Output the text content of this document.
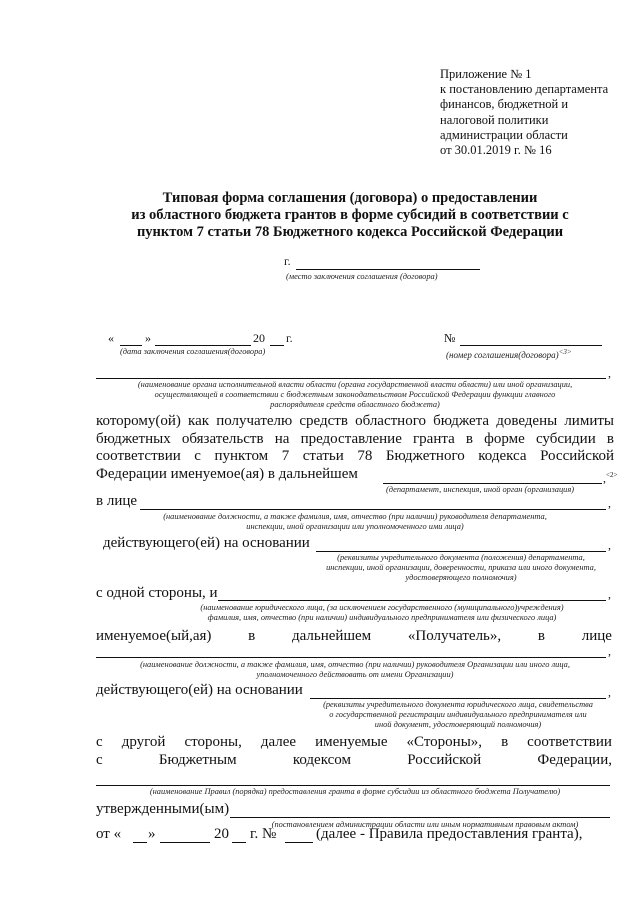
Приложение № 1
к постановлению департамента
финансов, бюджетной и
налоговой политики
администрации области
от 30.01.2019 г. № 16
Типовая форма соглашения (договора) о предоставлении
из областного бюджета грантов в форме субсидий в соответствии с
пунктом 7 статьи 78 Бюджетного кодекса Российской Федерации
г.
(место заключения соглашения (договора)
«	»	20 г.
(дата заключения соглашения(договора)
№
(номер соглашения(договора)$^{<3>}$
,
(наименование органа исполнительной власти области (органа государственной власти области) или иной организации,
осуществляющей в соответствии с бюджетным законодательством Российской Федерации функции главного
распорядителя средств областного бюджета)
которому(ой) как получателю средств областного бюджета доведены лимиты
бюджетных обязательств на предоставление гранта в форме субсидии в
соответствии с пунктом 7 статьи 78 Бюджетного кодекса Российской
Федерации именуемое(ая) в дальнейшем	,$^{<2>}$
(департамент, инспекция, иной орган (организация)
в лице	,
(наименование должности, а также фамилия, имя, отчество (при наличии) руководителя департамента,
инспекции, иной организации или уполномоченного ими лица)
действующего(ей) на основании	,
(реквизиты учредительного документа (положения) департамента,
инспекции, иной организации, доверенности, приказа или иного документа,
удостоверяющего полномочия)
с одной стороны, и	,
(наименование юридического лица, (за исключением государственного (муниципального)учреждения)
фамилия, имя, отчество (при наличии) индивидуального предпринимателя или физического лица)
именуемое(ый,ая) в дальнейшем «Получатель», в лице
,
(наименование должности, а также фамилия, имя, отчество (при наличии) руководителя Организации или иного лица,
уполномоченного действовать от имени Организации)
действующего(ей) на основании	,
(реквизиты учредительного документа юридического лица, свидетельства
о государственной регистрации индивидуального предпринимателя или
иной документ, удостоверяющий полномочия)
с другой стороны, далее именуемые «Стороны», в соответствии
с	Бюджетным	кодексом	Российской	Федерации,
(наименование Правил (порядка) предоставления гранта в форме субсидии из областного бюджета Получателю)
утвержденными(ым)
(постановлением администрации области или иным нормативным правовым актом)
от « »	20 г. №	(далее - Правила предоставления гранта),
